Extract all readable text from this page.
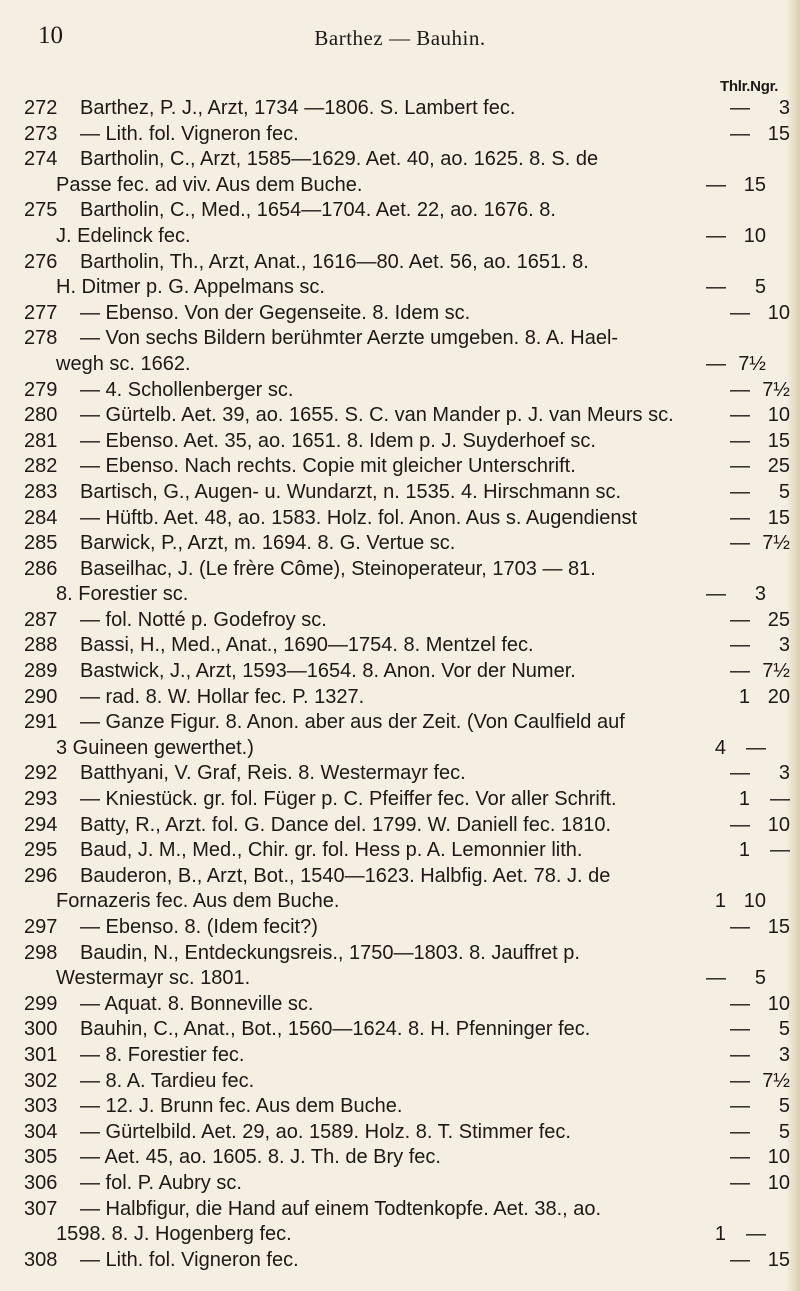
10	Barthez — Bauhin.
Thlr.Ngr.
272	Barthez, P. J., Arzt, 1734 —1806. S. Lambert fec.	—	3
273	— Lith. fol. Vigneron fec.	— 15
274	Bartholin, C., Arzt, 1585—1629. Aet. 40, ao. 1625. 8. S. de
Passe fec. ad viv. Aus dem Buche.	— 15
275	Bartholin, C., Med., 1654—1704. Aet. 22, ao. 1676. 8.
J. Edelinck fec.	— 10
276	Bartholin, Th., Arzt, Anat., 1616—80. Aet. 56, ao. 1651. 8.
H. Ditmer p. G. Appelmans sc.	—	5
277	— Ebenso. Von der Gegenseite. 8. Idem sc.	— 10
278	— Von sechs Bildern berühmter Aerzte umgeben. 8. A. Hael-
wegh sc. 1662.	— 7½
279	— 4. Schollenberger sc.	— 7½
280	— Gürtelb. Aet. 39, ao. 1655. S. C. van Mander p. J. van Meurs sc.	— 10
281	— Ebenso. Aet. 35, ao. 1651. 8. Idem p. J. Suyderhoef sc.	— 15
282	— Ebenso. Nach rechts. Copie mit gleicher Unterschrift.	— 25
283	Bartisch, G., Augen- u. Wundarzt, n. 1535. 4. Hirschmann sc.	—	5
284	— Hüftb. Aet. 48, ao. 1583. Holz. fol. Anon. Aus s. Augendienst	— 15
285	Barwick, P., Arzt, m. 1694. 8. G. Vertue sc.	— 7½
286	Baseilhac, J. (Le frère Côme), Steinoperateur, 1703 — 81.
8. Forestier sc.	—	3
287	— fol. Notté p. Godefroy sc.	— 25
288	Bassi, H., Med., Anat., 1690—1754. 8. Mentzel fec.	—	3
289	Bastwick, J., Arzt, 1593—1654. 8. Anon. Vor der Numer.	— 7½
290	— rad. 8. W. Hollar fec. P. 1327.	1 20
291	— Ganze Figur. 8. Anon. aber aus der Zeit. (Von Caulfield auf
3 Guineen gewerthet.)	4	—
292	Batthyani, V. Graf, Reis. 8. Westermayr fec.	—	3
293	— Kniestück. gr. fol. Füger p. C. Pfeiffer fec. Vor aller Schrift.	1	—
294	Batty, R., Arzt. fol. G. Dance del. 1799. W. Daniell fec. 1810.	— 10
295	Baud, J. M., Med., Chir. gr. fol. Hess p. A. Lemonnier lith.	1	—
296	Bauderon, B., Arzt, Bot., 1540—1623. Halbfig. Aet. 78. J. de
Fornazeris fec. Aus dem Buche.	1 10
297	— Ebenso. 8. (Idem fecit?)	— 15
298	Baudin, N., Entdeckungsreis., 1750—1803. 8. Jauffret p.
Westermayr sc. 1801.	—	5
299	— Aquat. 8. Bonneville sc.	— 10
300	Bauhin, C., Anat., Bot., 1560—1624. 8. H. Pfenninger fec.	—	5
301	— 8. Forestier fec.	—	3
302	— 8. A. Tardieu fec.	— 7½
303	— 12. J. Brunn fec. Aus dem Buche.	—	5
304	— Gürtelbild. Aet. 29, ao. 1589. Holz. 8. T. Stimmer fec.	—	5
305	— Aet. 45, ao. 1605. 8. J. Th. de Bry fec.	— 10
306	— fol. P. Aubry sc.	— 10
307	— Halbfigur, die Hand auf einem Todtenkopfe. Aet. 38., ao.
1598. 8. J. Hogenberg fec.	1	—
308	— Lith. fol. Vigneron fec.	— 15
